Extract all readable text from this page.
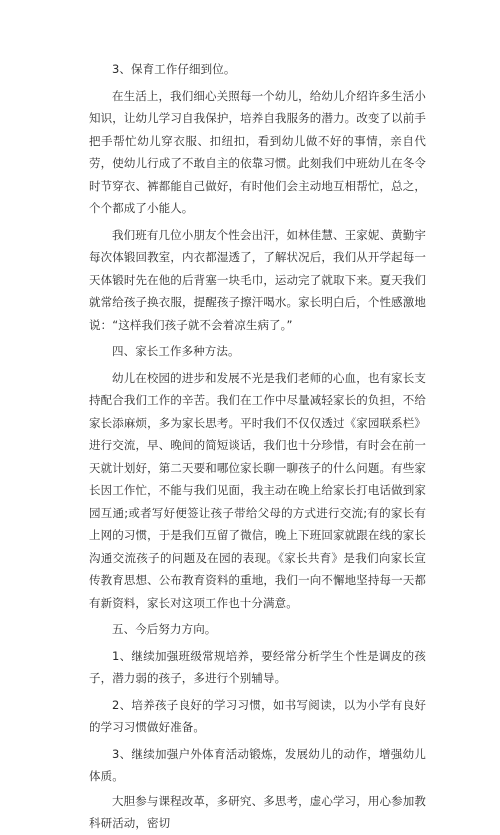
3、保育工作仔细到位。

在生活上，我们细心关照每一个幼儿，给幼儿介绍许多生活小知识，让幼儿学习自我保护，培养自我服务的潜力。改变了以前手把手帮忙幼儿穿衣服、扣纽扣，看到幼儿做不好的事情，亲自代劳，使幼儿行成了不敢自主的依靠习惯。此刻我们中班幼儿在冬令时节穿衣、裤都能自己做好，有时他们会主动地互相帮忙，总之，个个都成了小能人。

我们班有几位小朋友个性会出汗，如林佳慧、王家妮、黄勤宇每次体锻回教室，内衣都湿透了，了解状况后，我们从开学起每一天体锻时先在他的后背塞一块毛巾，运动完了就取下来。夏天我们就常给孩子换衣服，提醒孩子擦汗喝水。家长明白后，个性感激地说：“这样我们孩子就不会着凉生病了。”

四、家长工作多种方法。

幼儿在校园的进步和发展不光是我们老师的心血，也有家长支持配合我们工作的辛苦。我们在工作中尽量减轻家长的负担，不给家长添麻烦，多为家长思考。平时我们不仅仅透过《家园联系栏》进行交流，早、晚间的简短谈话，我们也十分珍惜，有时会在前一天就计划好，第二天要和哪位家长聊一聊孩子的什么问题。有些家长因工作忙，不能与我们见面，我主动在晚上给家长打电话做到家园互通;或者写好便签让孩子带给父母的方式进行交流;有的家长有上网的习惯，于是我们互留了微信，晚上下班回家就跟在线的家长沟通交流孩子的问题及在园的表现。《家长共育》是我们向家长宣传教育思想、公布教育资料的重地，我们一向不懈地坚持每一天都有新资料，家长对这项工作也十分满意。

五、今后努力方向。

1、继续加强班级常规培养，要经常分析学生个性是调皮的孩子，潜力弱的孩子，多进行个别辅导。

2、培养孩子良好的学习习惯，如书写阅读，以为小学有良好的学习习惯做好准备。

3、继续加强户外体育活动锻炼，发展幼儿的动作，增强幼儿体质。

大胆参与课程改革，多研究、多思考，虚心学习，用心参加教科研活动，密切
